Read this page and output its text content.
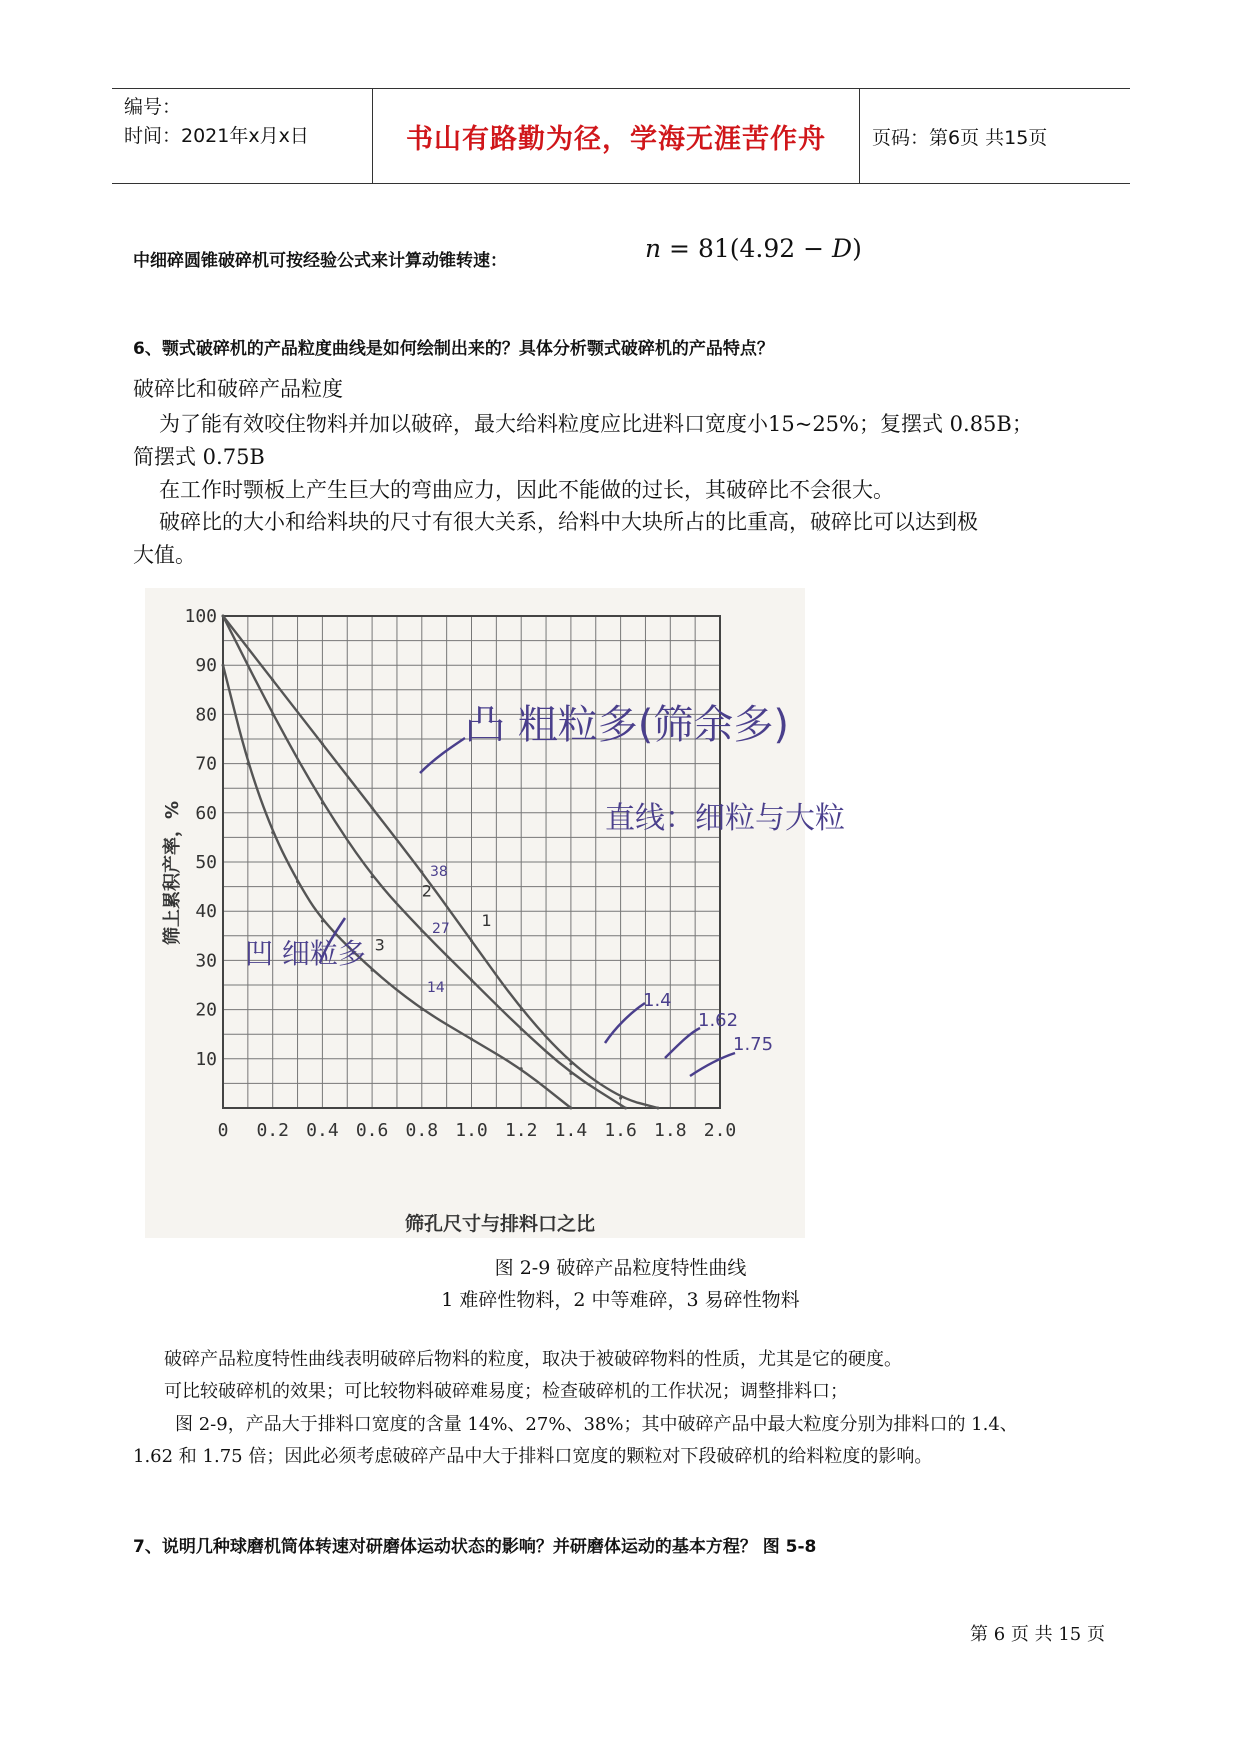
编号：
时间：2021年x月x日	书山有路勤为径，学海无涯苦作舟	页码：第6页 共15页
中细碎圆锥破碎机可按经验公式来计算动锥转速：	n = 81(4.92 − D)
6、颚式破碎机的产品粒度曲线是如何绘制出来的？具体分析颚式破碎机的产品特点？
破碎比和破碎产品粒度
为了能有效咬住物料并加以破碎，最大给料粒度应比进料口宽度小15~25%；复摆式 0.85B；
简摆式 0.75B
在工作时颚板上产生巨大的弯曲应力，因此不能做的过长，其破碎比不会很大。
破碎比的大小和给料块的尺寸有很大关系，给料中大块所占的比重高，破碎比可以达到极
大值。
1
2
3
0 0.2 0.4 0.6 0.8 1.0 1.2 1.4 1.6 1.8 2.0
10
20
30
40
50
60
70
80
90
100
筛孔尺寸与排料口之比
筛上累积产率，%
凸 粗粒多(筛余多)
直线：细粒与大粒
凹 细粒多
38
27
14
1.4
1.62
1.75
图 2-9 破碎产品粒度特性曲线
1 难碎性物料，2 中等难碎，3 易碎性物料
破碎产品粒度特性曲线表明破碎后物料的粒度，取决于被破碎物料的性质，尤其是它的硬度。
可比较破碎机的效果；可比较物料破碎难易度；检查破碎机的工作状况；调整排料口；
图 2-9，产品大于排料口宽度的含量 14%、27%、38%；其中破碎产品中最大粒度分别为排料口的 1.4、
1.62 和 1.75 倍；因此必须考虑破碎产品中大于排料口宽度的颗粒对下段破碎机的给料粒度的影响。
7、说明几种球磨机筒体转速对研磨体运动状态的影响？并研磨体运动的基本方程？ 图 5-8
第 6 页 共 15 页
